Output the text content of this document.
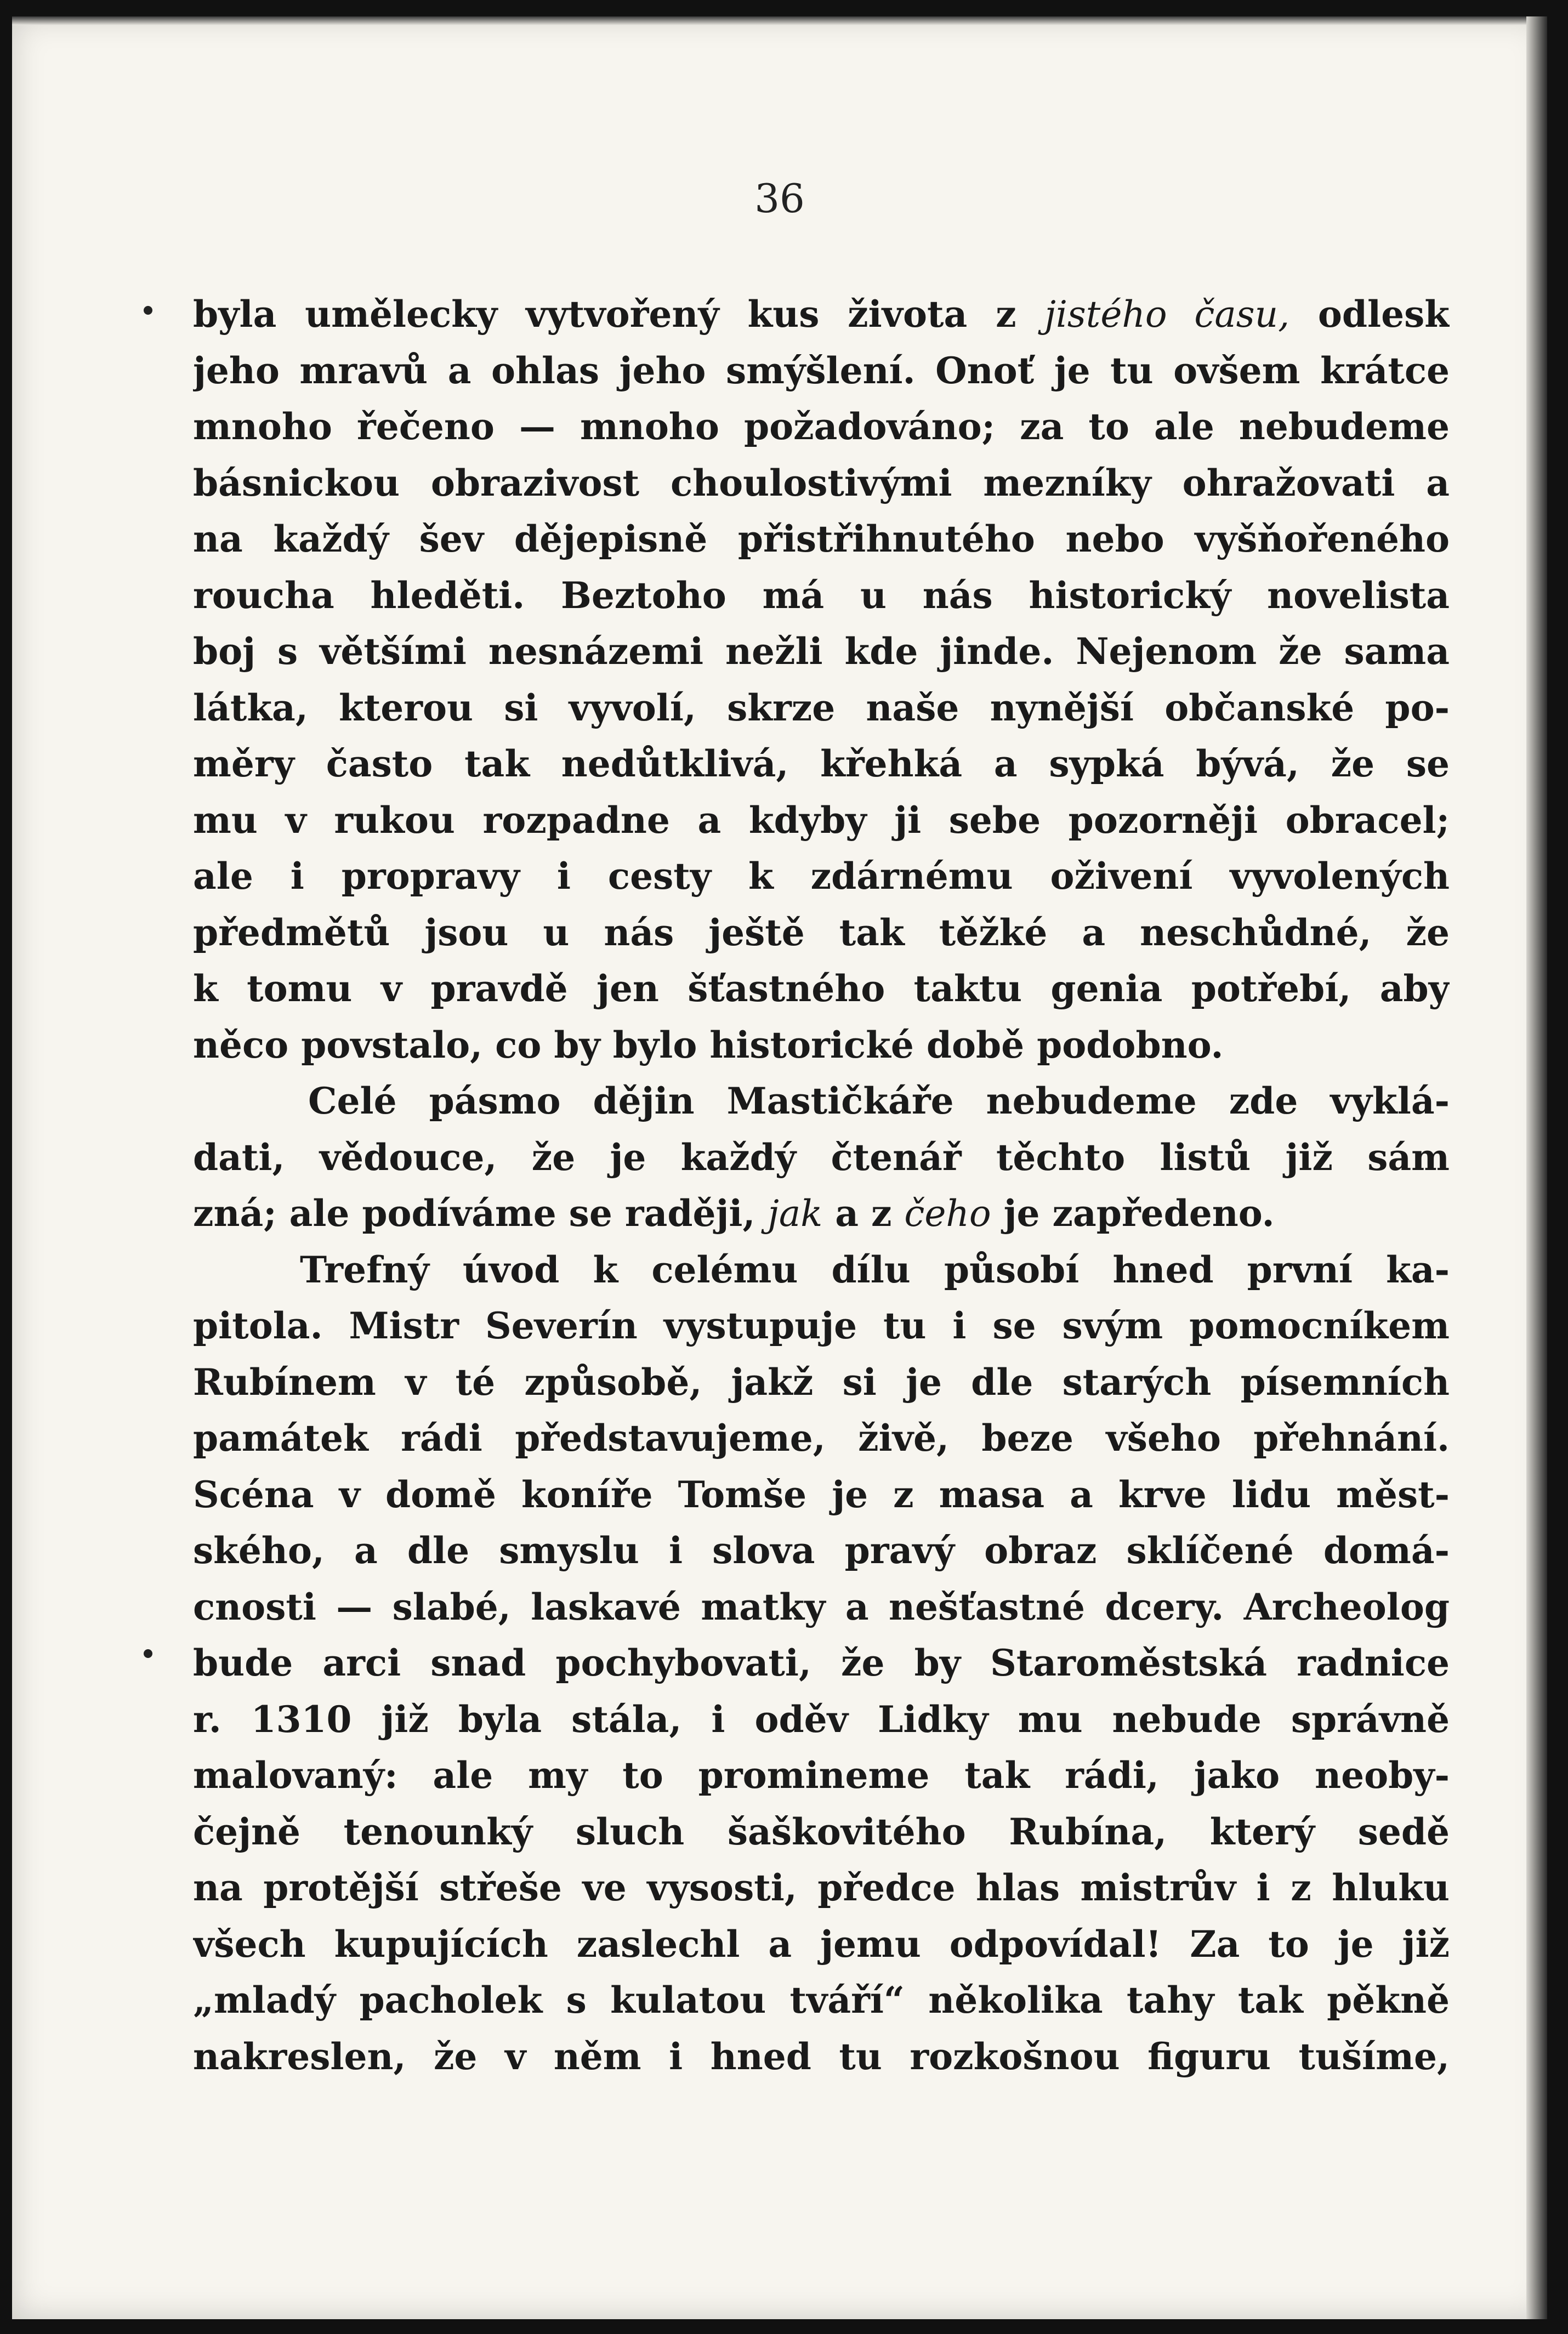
36
byla umělecky vytvořený kus života z jistého času, odlesk
jeho mravů a ohlas jeho smýšlení. Onoť je tu ovšem krátce
mnoho řečeno — mnoho požadováno; za to ale nebudeme
básnickou obrazivost choulostivými mezníky ohražovati a
na každý šev dějepisně přistřihnutého nebo vyšňořeného
roucha hleděti. Beztoho má u nás historický novelista
boj s většími nesnázemi nežli kde jinde. Nejenom že sama
látka, kterou si vyvolí, skrze naše nynější občanské po-
měry často tak nedůtklivá, křehká a sypká bývá, že se
mu v rukou rozpadne a kdyby ji sebe pozorněji obracel;
ale i propravy i cesty k zdárnému oživení vyvolených
předmětů jsou u nás ještě tak těžké a neschůdné, že
k tomu v pravdě jen šťastného taktu genia potřebí, aby
něco povstalo, co by bylo historické době podobno.
Celé pásmo dějin Mastičkáře nebudeme zde vyklá-
dati, vědouce, že je každý čtenář těchto listů již sám
zná; ale podíváme se raději, jak a z čeho je zapředeno.
Trefný úvod k celému dílu působí hned první ka-
pitola. Mistr Severín vystupuje tu i se svým pomocníkem
Rubínem v té způsobě, jakž si je dle starých písemních
památek rádi představujeme, živě, beze všeho přehnání.
Scéna v domě koníře Tomše je z masa a krve lidu měst-
ského, a dle smyslu i slova pravý obraz sklíčené domá-
cnosti — slabé, laskavé matky a nešťastné dcery. Archeolog
bude arci snad pochybovati, že by Staroměstská radnice
r. 1310 již byla stála, i oděv Lidky mu nebude správně
malovaný: ale my to promineme tak rádi, jako neoby-
čejně tenounký sluch šaškovitého Rubína, který sedě
na protější střeše ve vysosti, předce hlas mistrův i z hluku
všech kupujících zaslechl a jemu odpovídal! Za to je již
„mladý pacholek s kulatou tváří“ několika tahy tak pěkně
nakreslen, že v něm i hned tu rozkošnou figuru tušíme,
